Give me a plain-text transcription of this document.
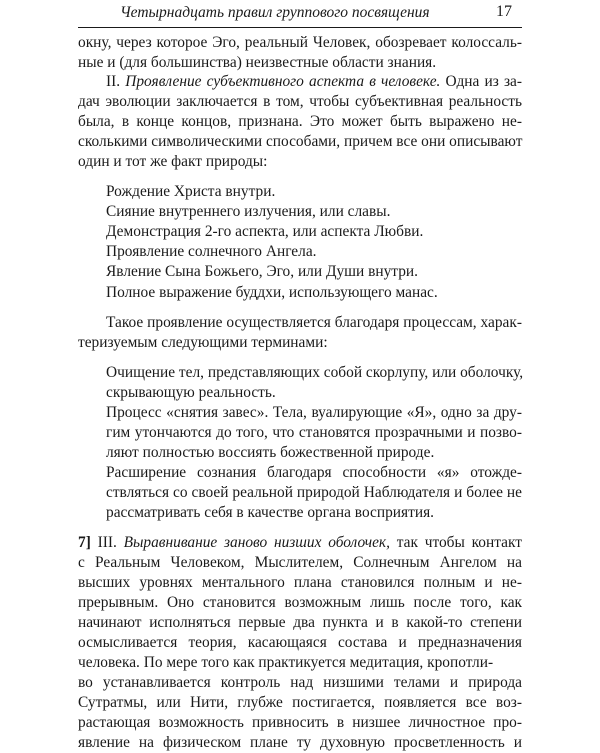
Четырнадцать правил группового посвящения	17
окну, через которое Эго, реальный Человек, обозревает колоссаль-
ные и (для большинства) неизвестные области знания.
II. Проявление субъективного аспекта в человеке. Одна из за-
дач эволюции заключается в том, чтобы субъективная реальность
была, в конце концов, признана. Это может быть выражено не-
сколькими символическими способами, причем все они описывают
один и тот же факт природы:
Рождение Христа внутри.
Сияние внутреннего излучения, или славы.
Демонстрация 2-го аспекта, или аспекта Любви.
Проявление солнечного Ангела.
Явление Сына Божьего, Эго, или Души внутри.
Полное выражение буддхи, использующего манас.
Такое проявление осуществляется благодаря процессам, харак-
теризуемым следующими терминами:
Очищение тел, представляющих собой скорлупу, или оболочку,
скрывающую реальность.
Процесс «снятия завес». Тела, вуалирующие «Я», одно за дру-
гим утончаются до того, что становятся прозрачными и позво-
ляют полностью воссиять божественной природе.
Расширение сознания благодаря способности «я» отожде-
ствляться со своей реальной природой Наблюдателя и более не
рассматривать себя в качестве органа восприятия.
7] III. Выравнивание заново низших оболочек, так чтобы контакт
с Реальным Человеком, Мыслителем, Солнечным Ангелом на
высших уровнях ментального плана становился полным и не-
прерывным. Оно становится возможным лишь после того, как
начинают исполняться первые два пункта и в какой-то степени
осмысливается теория, касающаяся состава и предназначения
человека. По мере того как практикуется медитация, кропотли-
во устанавливается контроль над низшими телами и природа
Сутратмы, или Нити, глубже постигается, появляется все воз-
растающая возможность привносить в низшее личностное про-
явление на физическом плане ту духовную просветленность и
